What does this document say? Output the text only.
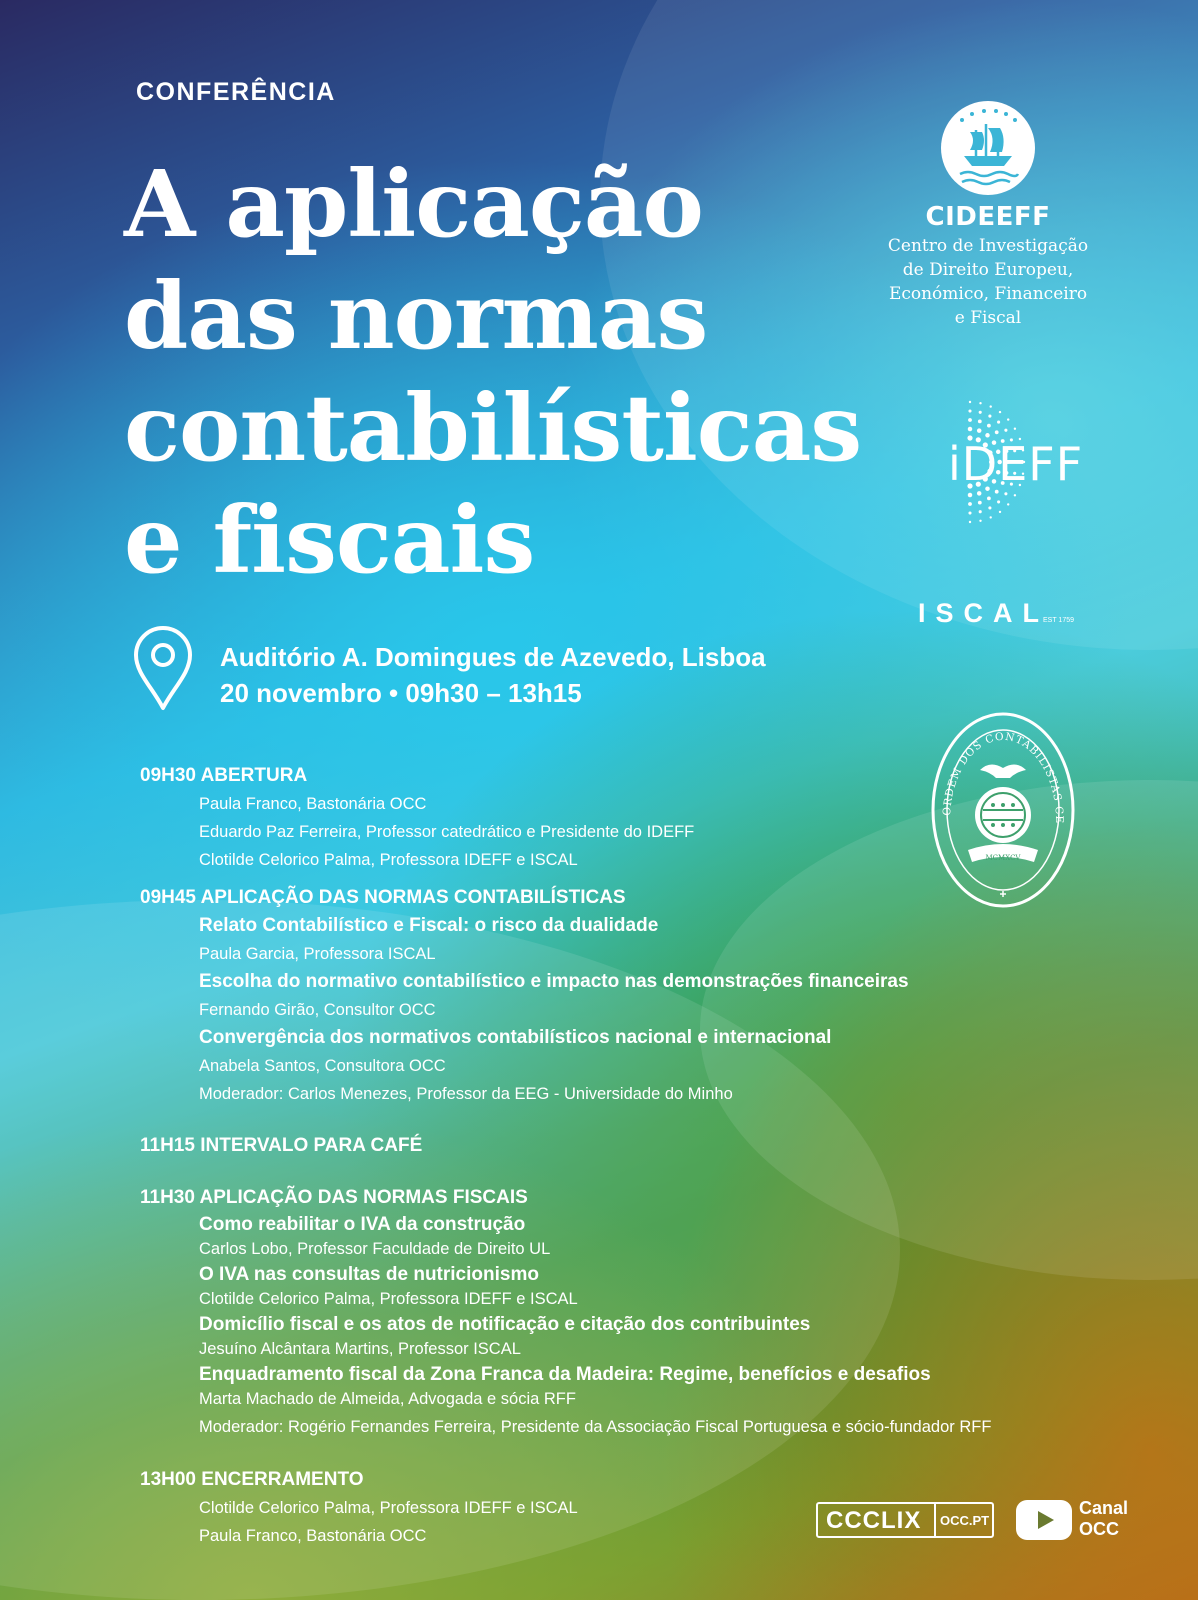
CONFERÊNCIA
A aplicação
das normas
contabilísticas
e fiscais
Auditório A. Domingues de Azevedo, Lisboa
20 novembro • 09h30 – 13h15
CIDEEFF
Centro de Investigação
de Direito Europeu,
Económico, Financeiro
e Fiscal
iDEFF
ISCALEST 1759
ORDEM DOS CONTABILISTAS CE
MCMXCV
09H30 ABERTURA
Paula Franco, Bastonária OCC
Eduardo Paz Ferreira, Professor catedrático e Presidente do IDEFF
Clotilde Celorico Palma, Professora IDEFF e ISCAL
09H45 APLICAÇÃO DAS NORMAS CONTABILÍSTICAS
Relato Contabilístico e Fiscal: o risco da dualidade
Paula Garcia, Professora ISCAL
Escolha do normativo contabilístico e impacto nas demonstrações financeiras
Fernando Girão, Consultor OCC
Convergência dos normativos contabilísticos nacional e internacional
Anabela Santos, Consultora OCC
Moderador: Carlos Menezes, Professor da EEG - Universidade do Minho
11H15 INTERVALO PARA CAFÉ
11H30 APLICAÇÃO DAS NORMAS FISCAIS
Como reabilitar o IVA da construção
Carlos Lobo, Professor Faculdade de Direito UL
O IVA nas consultas de nutricionismo
Clotilde Celorico Palma, Professora IDEFF e ISCAL
Domicílio fiscal e os atos de notificação e citação dos contribuintes
Jesuíno Alcântara Martins, Professor ISCAL
Enquadramento fiscal da Zona Franca da Madeira: Regime, benefícios e desafios
Marta Machado de Almeida, Advogada e sócia RFF
Moderador: Rogério Fernandes Ferreira, Presidente da Associação Fiscal Portuguesa e sócio-fundador RFF
13H00 ENCERRAMENTO
Clotilde Celorico Palma, Professora IDEFF e ISCAL
Paula Franco, Bastonária OCC
CCCLIX OCC.PT
Canal
OCC
